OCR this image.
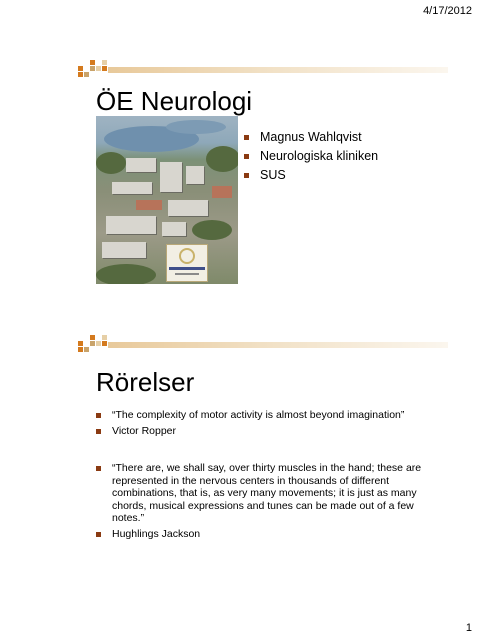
4/17/2012
ÖE Neurologi
Magnus Wahlqvist
Neurologiska kliniken
SUS
Rörelser
“The complexity of motor activity is almost beyond imagination”
Victor Ropper
“There are, we shall say, over thirty muscles in the hand; these are represented in the nervous centers in thousands of different combinations, that is, as very many movements; it is just as many chords, musical expressions and tunes can be made out of a few notes.”
Hughlings Jackson
1
